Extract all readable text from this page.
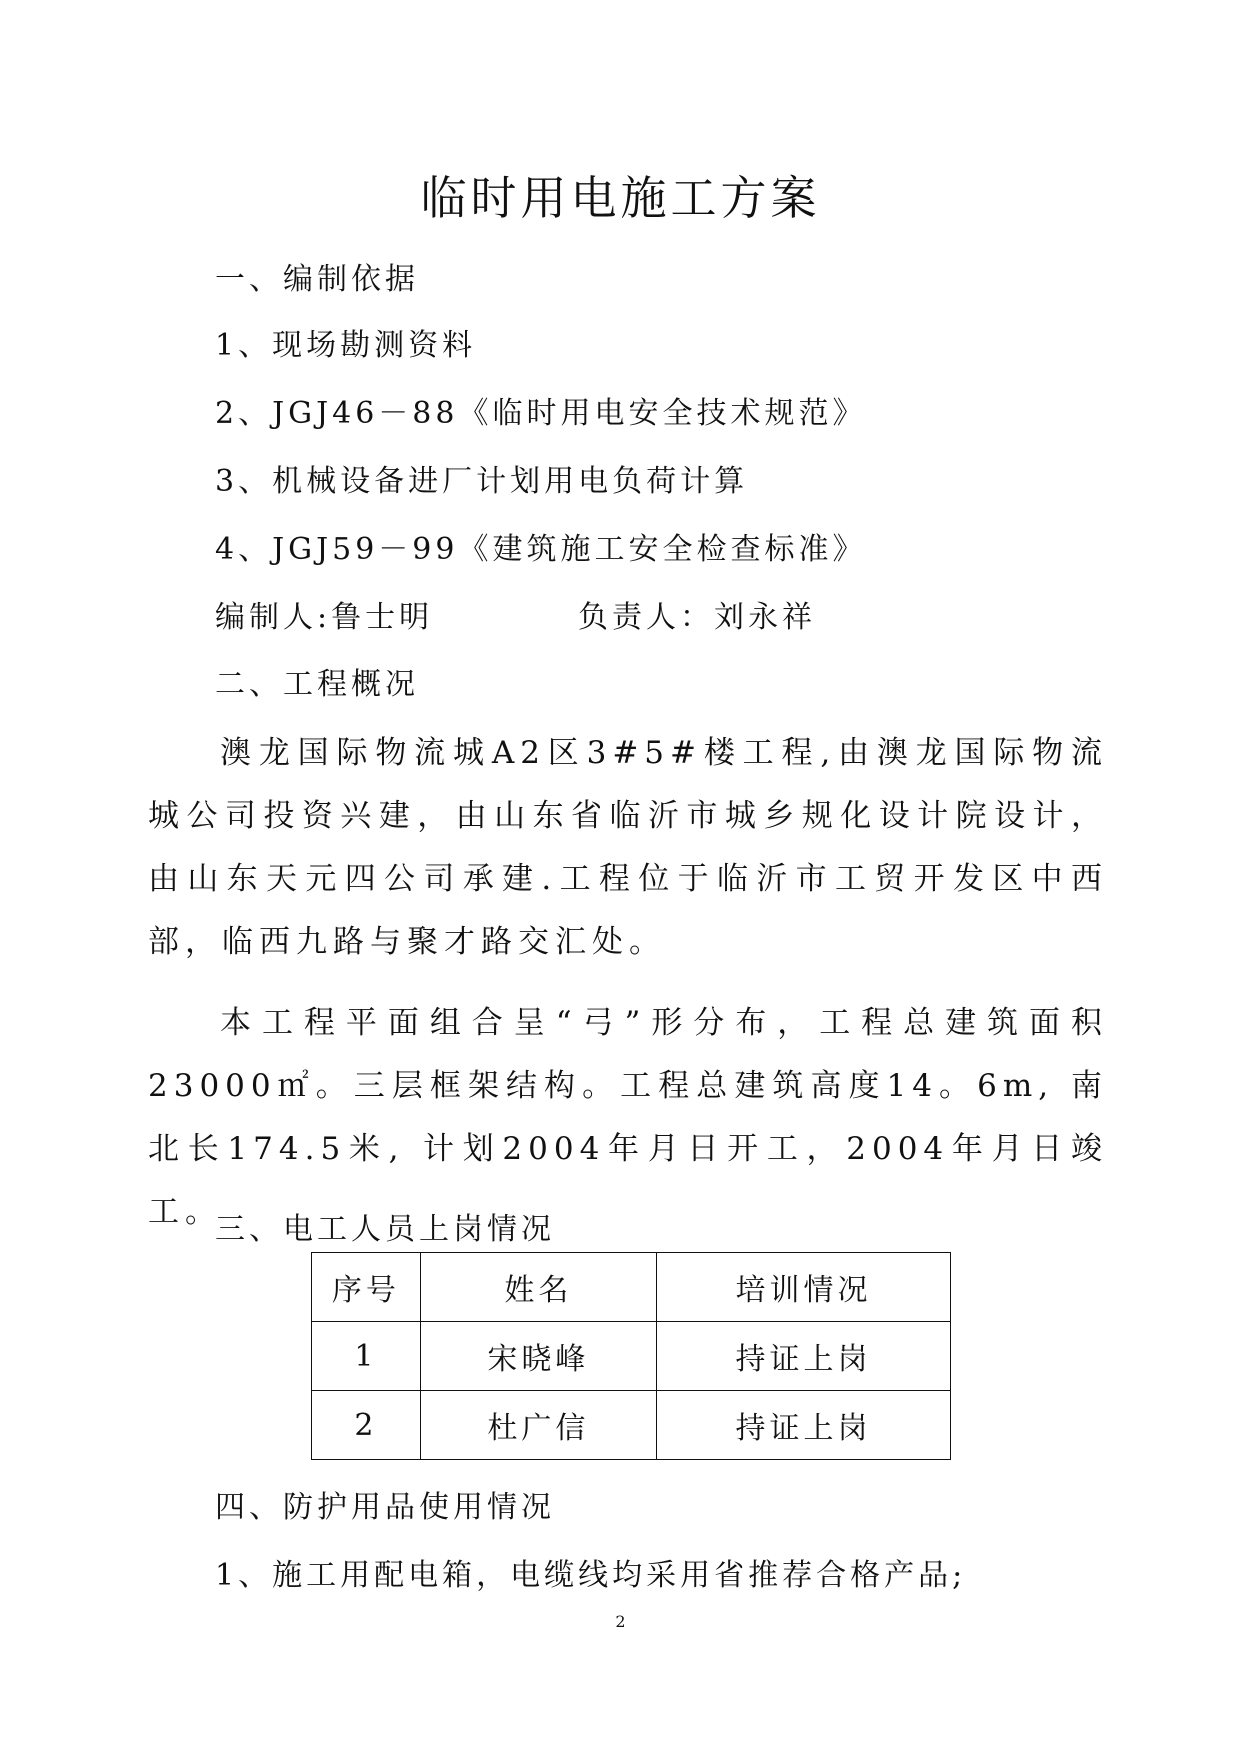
临时用电施工方案
一、编制依据
1、现场勘测资料
2、JGJ46－88《临时用电安全技术规范》
3、机械设备进厂计划用电负荷计算
4、JGJ59－99《建筑施工安全检查标准》
编制人:鲁士明	负责人：刘永祥
二、工程概况

澳龙国际物流城A2区3#5#楼工程,由澳龙国际物流城公司投资兴建，由山东省临沂市城乡规化设计院设计，由山东天元四公司承建.工程位于临沂市工贸开发区中西部，临西九路与聚才路交汇处。

本工程平面组合呈“弓”形分布，工程总建筑面积23000㎡。三层框架结构。工程总建筑高度14。6m, 南北长174.5米, 计划2004年月日开工，2004年月日竣工。

三、电工人员上岗情况
序号	姓名	培训情况
1	宋晓峰	持证上岗
2	杜广信	持证上岗
四、防护用品使用情况
1、施工用配电箱，电缆线均采用省推荐合格产品;
2
